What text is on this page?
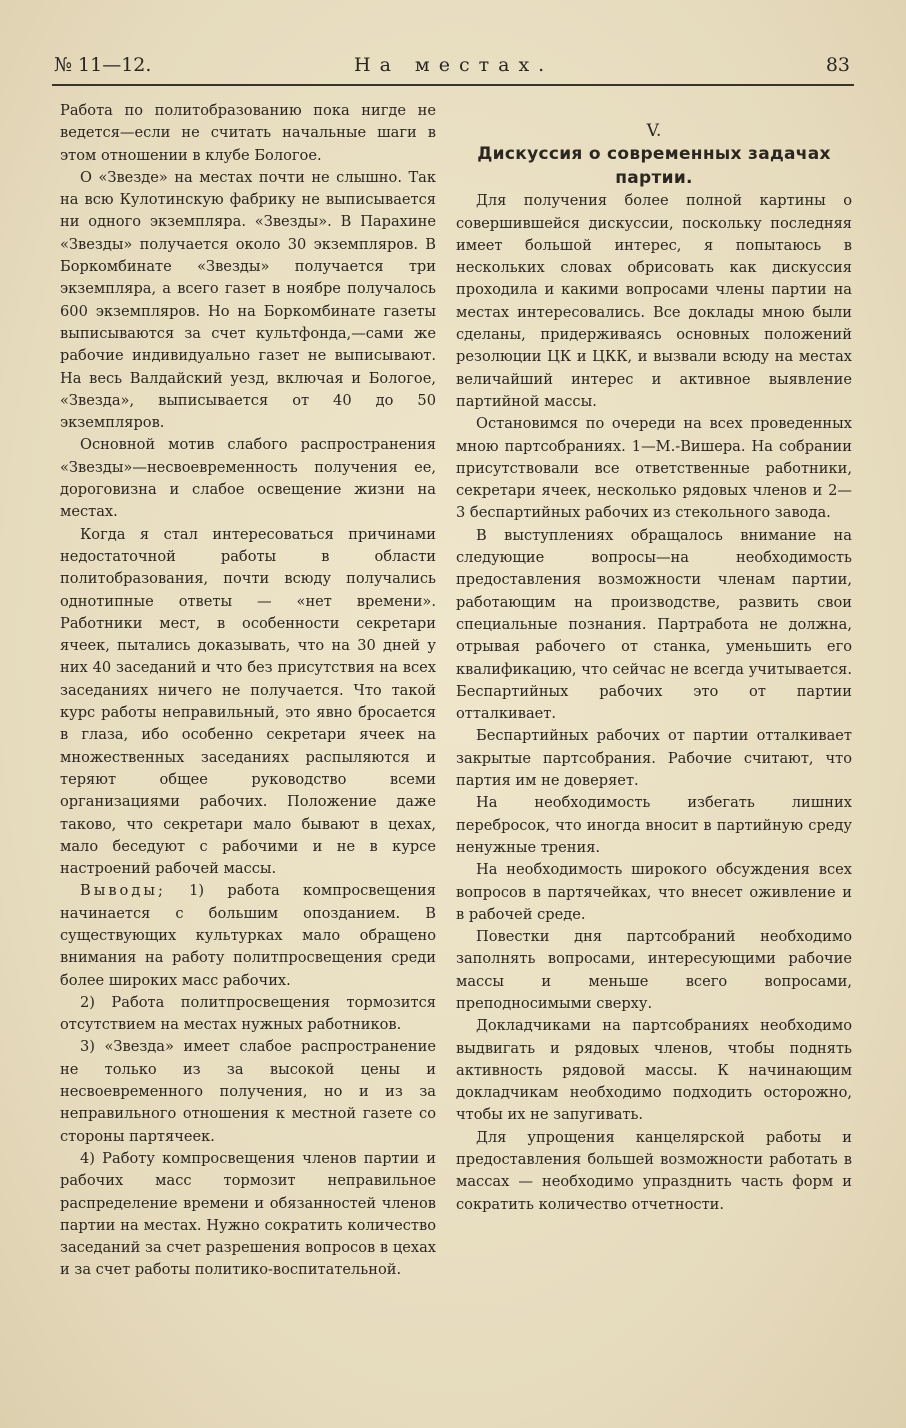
№ 11—12.	На местах.	83

Работа по политобразованию пока нигде не ведется—если не считать начальные шаги в этом отношении в клубе Бологое.

О «Звезде» на местах почти не слышно. Так на всю Кулотинскую фабрику не выписывается ни одного экземпляра. «Звезды». В Парахине «Звезды» получается около 30 экземпляров. В Боркомбинате «Звезды» получается три экземпляра, а всего газет в ноябре получалось 600 экземпляров. Но на Боркомбинате газеты выписываются за счет культфонда,—сами же рабочие индивидуально газет не выписывают. На весь Валдайский уезд, включая и Бологое, «Звезда», выписывается от 40 до 50 экземпляров.

Основной мотив слабого распространения «Звезды»—несвоевременность получения ее, дороговизна и слабое освещение жизни на местах.

Когда я стал интересоваться причинами недостаточной работы в области политобразования, почти всюду получались однотипные ответы — «нет времени». Работники мест, в особенности секретари ячеек, пытались доказывать, что на 30 дней у них 40 заседаний и что без присутствия на всех заседаниях ничего не получается. Что такой курс работы неправильный, это явно бросается в глаза, ибо особенно секретари ячеек на множественных заседаниях распыляются и теряют общее руководство всеми организациями рабочих. Положение даже таково, что секретари мало бывают в цехах, мало беседуют с рабочими и не в курсе настроений рабочей массы.

Выводы; 1) работа компросвещения начинается с большим опозданием. В существующих культурках мало обращено внимания на работу политпросвещения среди более широких масс рабочих.

2) Работа политпросвещения тормозится отсутствием на местах нужных работников.

3) «Звезда» имеет слабое распространение не только из за высокой цены и несвоевременного получения, но и из за неправильного отношения к местной газете со стороны партячеек.

4) Работу компросвещения членов партии и рабочих масс тормозит неправильное распределение времени и обязанностей членов партии на местах. Нужно сократить количество заседаний за счет разрешения вопросов в цехах и за счет работы политико-воспитательной.

V.

Дискуссия о современных задачах партии.

Для получения более полной картины о совершившейся дискуссии, поскольку последняя имеет большой интерес, я попытаюсь в нескольких словах обрисовать как дискуссия проходила и какими вопросами члены партии на местах интересовались. Все доклады мною были сделаны, придерживаясь основных положений резолюции ЦК и ЦКК, и вызвали всюду на местах величайший интерес и активное выявление партийной массы.

Остановимся по очереди на всех проведенных мною партсобраниях. 1—М.-Вишера. На собрании присутствовали все ответственные работники, секретари ячеек, несколько рядовых членов и 2—3 беспартийных рабочих из стекольного завода.

В выступлениях обращалось внимание на следующие вопросы—на необходимость предоставления возможности членам партии, работающим на производстве, развить свои специальные познания. Партработа не должна, отрывая рабочего от станка, уменьшить его квалификацию, что сейчас не всегда учитывается. Беспартийных рабочих это от партии отталкивает.

Беспартийных рабочих от партии отталкивает закрытые партсобрания. Рабочие считают, что партия им не доверяет.

На необходимость избегать лишних перебросок, что иногда вносит в партийную среду ненужные трения.

На необходимость широкого обсуждения всех вопросов в партячейках, что внесет оживление и в рабочей среде.

Повестки дня партсобраний необходимо заполнять вопросами, интересующими рабочие массы и меньше всего вопросами, преподносимыми сверху.

Докладчиками на партсобраниях необходимо выдвигать и рядовых членов, чтобы поднять активность рядовой массы. К начинающим докладчикам необходимо подходить осторожно, чтобы их не запугивать.

Для упрощения канцелярской работы и предоставления большей возможности работать в массах — необходимо упразднить часть форм и сократить количество отчетности.
